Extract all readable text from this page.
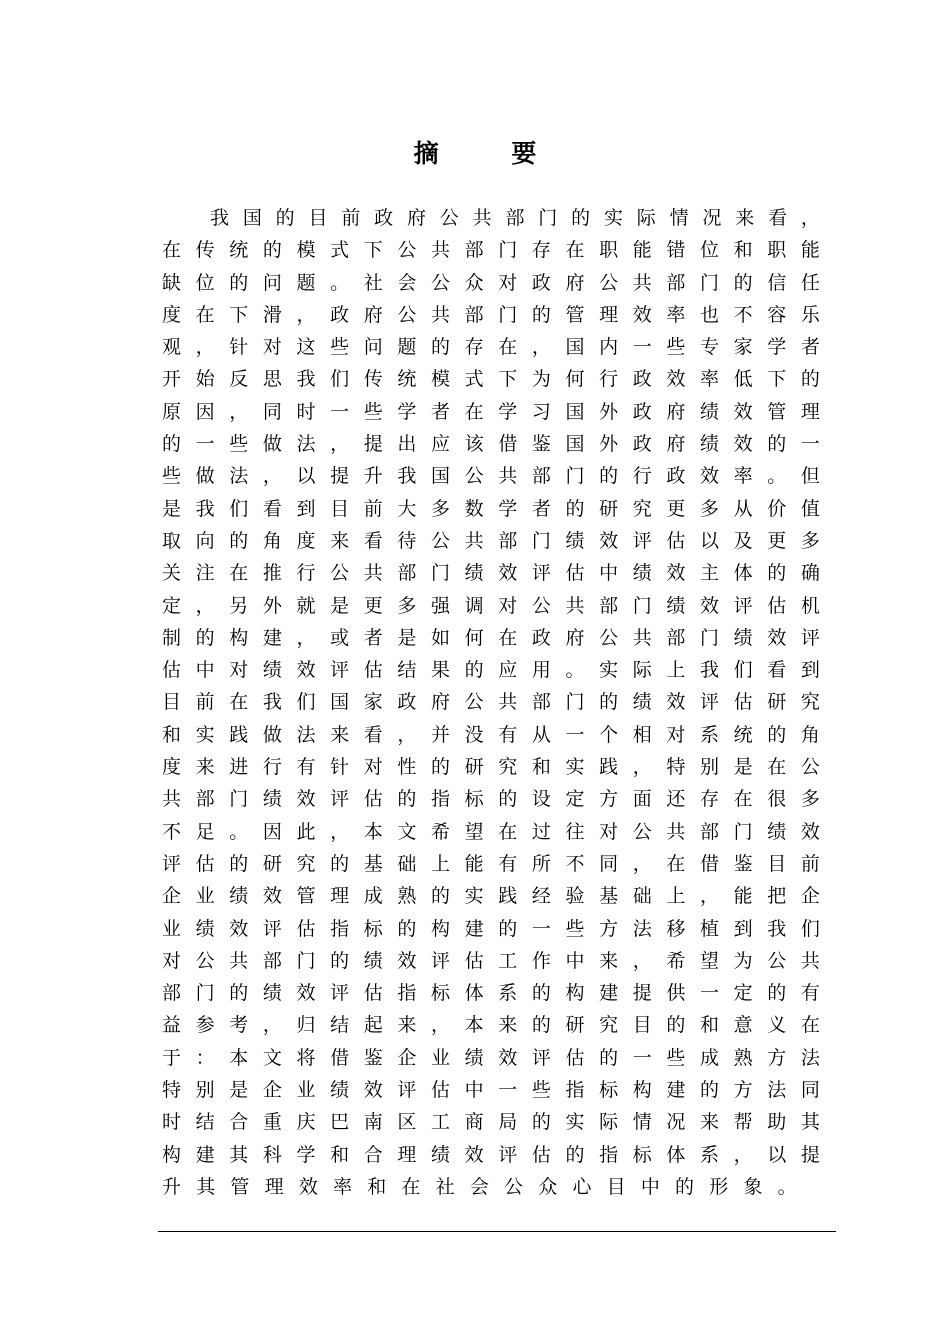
摘 要
我 国 的 目 前 政 府 公 共 部 门 的 实 际 情 况 来 看 ，
在 传 统 的 模 式 下 公 共 部 门 存 在 职 能 错 位 和 职 能
缺 位 的 问 题 。 社 会 公 众 对 政 府 公 共 部 门 的 信 任
度 在 下 滑 ， 政 府 公 共 部 门 的 管 理 效 率 也 不 容 乐
观 ， 针 对 这 些 问 题 的 存 在 ， 国 内 一 些 专 家 学 者
开 始 反 思 我 们 传 统 模 式 下 为 何 行 政 效 率 低 下 的
原 因 ， 同 时 一 些 学 者 在 学 习 国 外 政 府 绩 效 管 理
的 一 些 做 法 ， 提 出 应 该 借 鉴 国 外 政 府 绩 效 的 一
些 做 法 ， 以 提 升 我 国 公 共 部 门 的 行 政 效 率 。 但
是 我 们 看 到 目 前 大 多 数 学 者 的 研 究 更 多 从 价 值
取 向 的 角 度 来 看 待 公 共 部 门 绩 效 评 估 以 及 更 多
关 注 在 推 行 公 共 部 门 绩 效 评 估 中 绩 效 主 体 的 确
定 ， 另 外 就 是 更 多 强 调 对 公 共 部 门 绩 效 评 估 机
制 的 构 建 ， 或 者 是 如 何 在 政 府 公 共 部 门 绩 效 评
估 中 对 绩 效 评 估 结 果 的 应 用 。 实 际 上 我 们 看 到
目 前 在 我 们 国 家 政 府 公 共 部 门 的 绩 效 评 估 研 究
和 实 践 做 法 来 看 ， 并 没 有 从 一 个 相 对 系 统 的 角
度 来 进 行 有 针 对 性 的 研 究 和 实 践 ， 特 别 是 在 公
共 部 门 绩 效 评 估 的 指 标 的 设 定 方 面 还 存 在 很 多
不 足 。 因 此 ， 本 文 希 望 在 过 往 对 公 共 部 门 绩 效
评 估 的 研 究 的 基 础 上 能 有 所 不 同 ， 在 借 鉴 目 前
企 业 绩 效 管 理 成 熟 的 实 践 经 验 基 础 上 ， 能 把 企
业 绩 效 评 估 指 标 的 构 建 的 一 些 方 法 移 植 到 我 们
对 公 共 部 门 的 绩 效 评 估 工 作 中 来 ， 希 望 为 公 共
部 门 的 绩 效 评 估 指 标 体 系 的 构 建 提 供 一 定 的 有
益 参 考 ， 归 结 起 来 ， 本 来 的 研 究 目 的 和 意 义 在
于 ： 本 文 将 借 鉴 企 业 绩 效 评 估 的 一 些 成 熟 方 法
特 别 是 企 业 绩 效 评 估 中 一 些 指 标 构 建 的 方 法 同
时 结 合 重 庆 巴 南 区 工 商 局 的 实 际 情 况 来 帮 助 其
构 建 其 科 学 和 合 理 绩 效 评 估 的 指 标 体 系 ， 以 提
升 其 管 理 效 率 和 在 社 会 公 众 心 目 中 的 形 象 。
